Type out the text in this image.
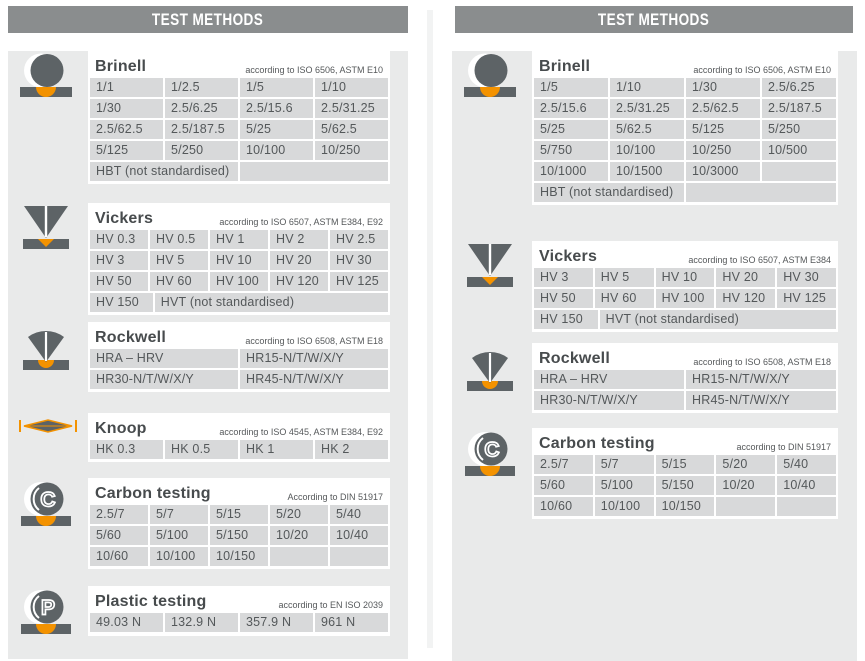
TEST METHODS
Brinell	according to ISO 6506, ASTM E10
1/1	1/2.5	1/5	1/10
1/30	2.5/6.25	2.5/15.6	2.5/31.25
2.5/62.5	2.5/187.5	5/25	5/62.5
5/125	5/250	10/100	10/250
HBT (not standardised)
Vickers	according to ISO 6507, ASTM E384, E92
HV 0.3	HV 0.5	HV 1	HV 2	HV 2.5
HV 3	HV 5	HV 10	HV 20	HV 30
HV 50	HV 60	HV 100	HV 120	HV 125
HV 150	HVT (not standardised)
Rockwell	according to ISO 6508, ASTM E18
HRA – HRV	HR15-N/T/W/X/Y
HR30-N/T/W/X/Y	HR45-N/T/W/X/Y
Knoop	according to ISO 4545, ASTM E384, E92
HK 0.3	HK 0.5	HK 1	HK 2
C Carbon testing	According to DIN 51917
2.5/7	5/7	5/15	5/20	5/40
5/60	5/100	5/150	10/20	10/40
10/60	10/100	10/150
P Plastic testing	according to EN ISO 2039
49.03 N	132.9 N	357.9 N	961 N
TEST METHODS
Brinell	according to ISO 6506, ASTM E10
1/5	1/10	1/30	2.5/6.25
2.5/15.6	2.5/31.25	2.5/62.5	2.5/187.5
5/25	5/62.5	5/125	5/250
5/750	10/100	10/250	10/500
10/1000	10/1500	10/3000
HBT (not standardised)
Vickers	according to ISO 6507, ASTM E384
HV 3	HV 5	HV 10	HV 20	HV 30
HV 50	HV 60	HV 100	HV 120	HV 125
HV 150	HVT (not standardised)
Rockwell	according to ISO 6508, ASTM E18
HRA – HRV	HR15-N/T/W/X/Y
HR30-N/T/W/X/Y	HR45-N/T/W/X/Y
C Carbon testing	according to DIN 51917
2.5/7	5/7	5/15	5/20	5/40
5/60	5/100	5/150	10/20	10/40
10/60	10/100	10/150
